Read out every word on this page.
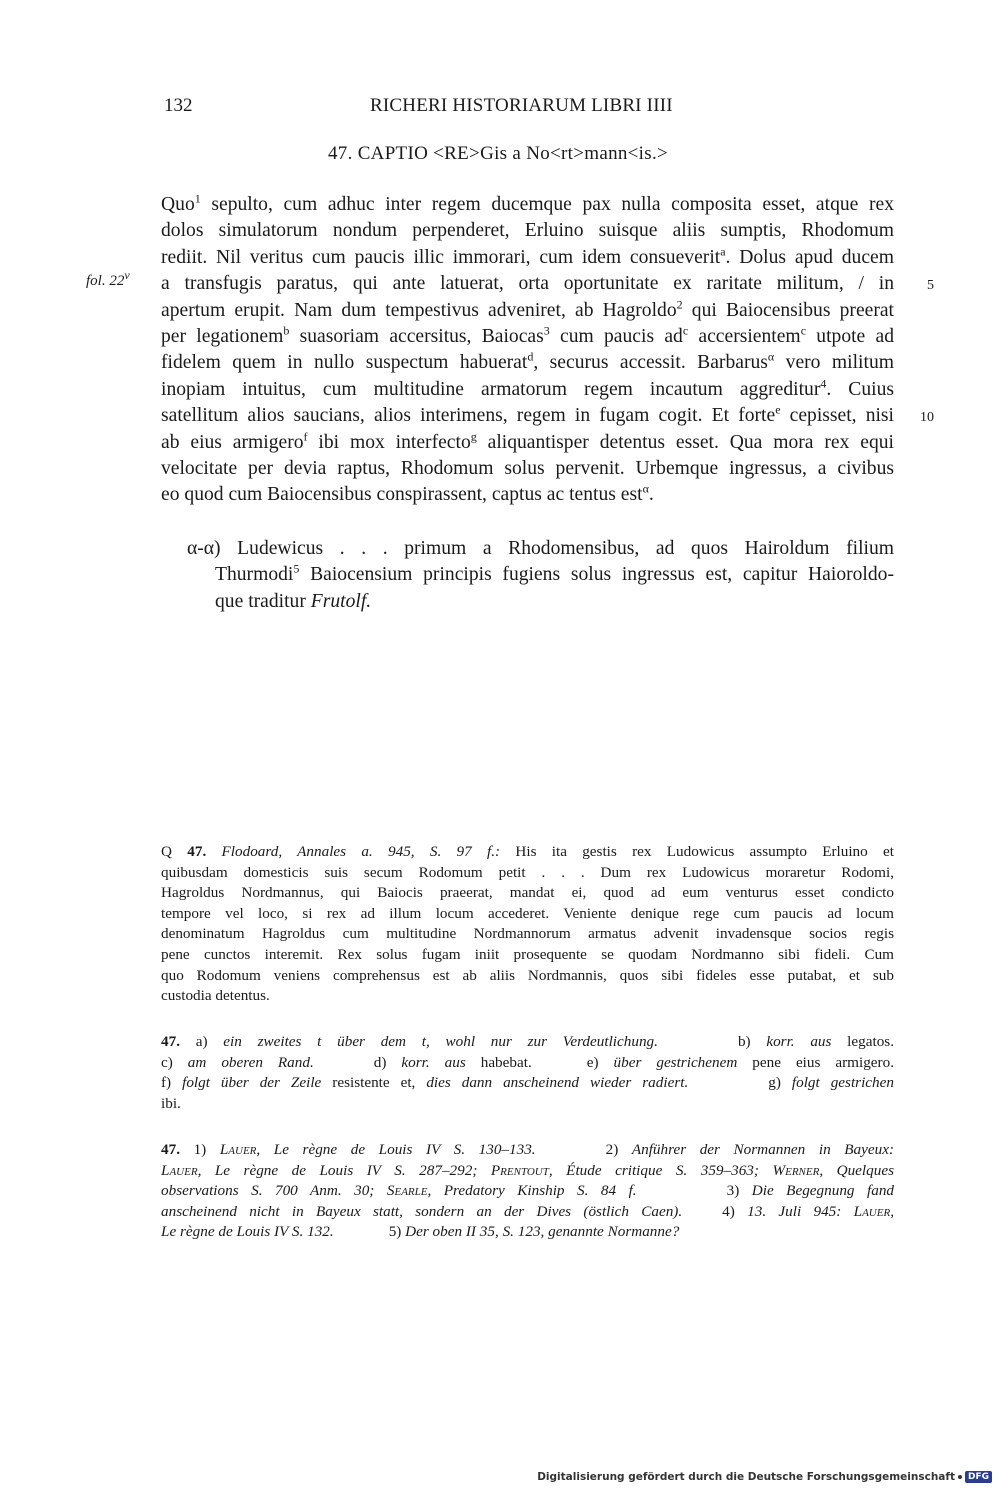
132	RICHERI HISTORIARUM LIBRI IIII
47. CAPTIO <RE>Gis a No<rt>mann<is.>
fol. 22$^v$
5
10
Quo$^1$ sepulto, cum adhuc inter regem ducemque pax nulla composita esset, atque rex
dolos simulatorum nondum perpenderet, Erluino suisque aliis sumptis, Rhodomum
rediit. Nil veritus cum paucis illic immorari, cum idem consueverit$^a$. Dolus apud ducem
a transfugis paratus, qui ante latuerat, orta oportunitate ex raritate militum, / in
apertum erupit. Nam dum tempestivus adveniret, ab Hagroldo$^2$ qui Baiocensibus preerat
per legationem$^b$ suasoriam accersitus, Baiocas$^3$ cum paucis $ad^c$ accersientem$^c$ utpote ad
fidelem quem in nullo suspectum habuerat$^d$, securus accessit. Barbarus$^\alpha$ vero militum
inopiam intuitus, cum multitudine armatorum regem incautum aggreditur$^4$. Cuius
satellitum alios saucians, alios interimens, regem in fugam cogit. Et forte$^e$ cepisset, nisi
ab eius armigero$^f$ ibi mox interfecto$^g$ aliquantisper detentus esset. Qua mora rex equi
velocitate per devia raptus, Rhodomum solus pervenit. Urbemque ingressus, a civibus
eo quod cum Baiocensibus conspirassent, captus ac tentus est$^\alpha$.
α-α) Ludewicus . . . primum a Rhodomensibus, ad quos Hairoldum filium
Thurmodi$^5$ Baiocensium principis fugiens solus ingressus est, capitur Haioroldo-
que traditur Frutolf.
Q 47. Flodoard, Annales a. 945, S. 97 f.: His ita gestis rex Ludowicus assumpto Erluino et
quibusdam domesticis suis secum Rodomum petit . . . Dum rex Ludowicus moraretur Rodomi,
Hagroldus Nordmannus, qui Baiocis praeerat, mandat ei, quod ad eum venturus esset condicto
tempore vel loco, si rex ad illum locum accederet. Veniente denique rege cum paucis ad locum
denominatum Hagroldus cum multitudine Nordmannorum armatus advenit invadensque socios regis
pene cunctos interemit. Rex solus fugam iniit prosequente se quodam Nordmanno sibi fideli. Cum
quo Rodomum veniens comprehensus est ab aliis Nordmannis, quos sibi fideles esse putabat, et sub
custodia detentus.
47. a) ein zweites t über dem t, wohl nur zur Verdeutlichung.	b) korr. aus legatos.
c) am oberen Rand.	d) korr. aus habebat.	e) über gestrichenem pene eius armigero.
f) folgt über der Zeile resistente et, dies dann anscheinend wieder radiert.	g) folgt gestrichen
ibi.
47. 1) Lauer, Le règne de Louis IV S. 130–133.	2) Anführer der Normannen in Bayeux:
Lauer, Le règne de Louis IV S. 287–292; Prentout, Étude critique S. 359–363; Werner, Quelques
observations S. 700 Anm. 30; Searle, Predatory Kinship S. 84 f.	3) Die Begegnung fand
anscheinend nicht in Bayeux statt, sondern an der Dives (östlich Caen).	4) 13. Juli 945: Lauer,
Le règne de Louis IV S. 132.	5) Der oben II 35, S. 123, genannte Normanne?
Digitalisierung gefördert durch die Deutsche Forschungsgemeinschaft	DFG
